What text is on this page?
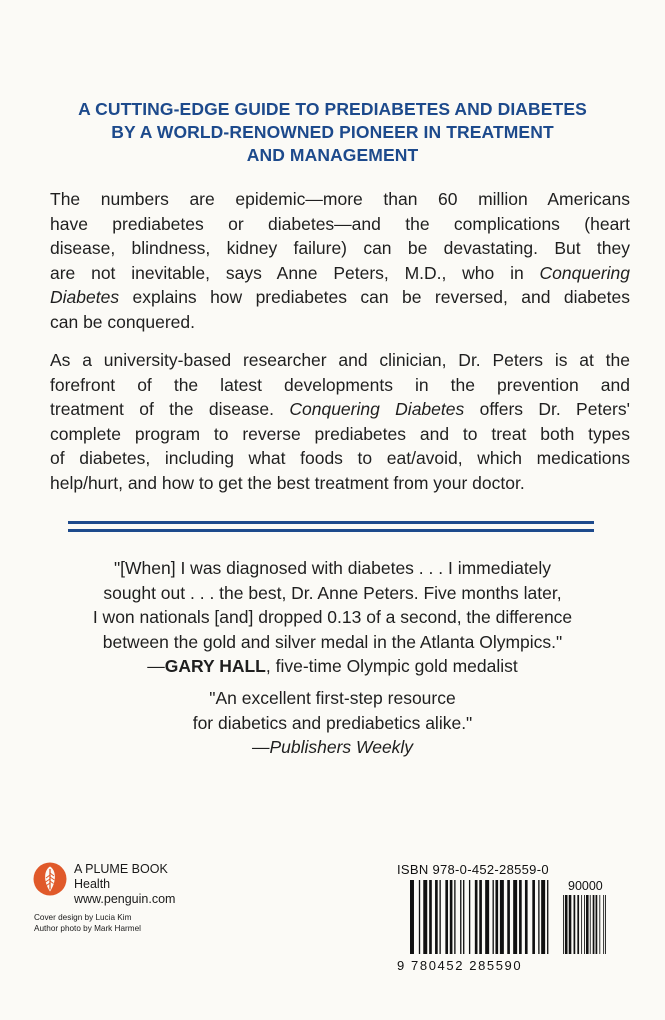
A CUTTING-EDGE GUIDE TO PREDIABETES AND DIABETES
BY A WORLD-RENOWNED PIONEER IN TREATMENT
AND MANAGEMENT
The numbers are epidemic—more than 60 million Americans
have prediabetes or diabetes—and the complications (heart
disease, blindness, kidney failure) can be devastating. But they
are not inevitable, says Anne Peters, M.D., who in Conquering
Diabetes explains how prediabetes can be reversed, and diabetes
can be conquered.
As a university-based researcher and clinician, Dr. Peters is at the
forefront of the latest developments in the prevention and
treatment of the disease. Conquering Diabetes offers Dr. Peters'
complete program to reverse prediabetes and to treat both types
of diabetes, including what foods to eat/avoid, which medications
help/hurt, and how to get the best treatment from your doctor.
"[When] I was diagnosed with diabetes . . . I immediately
sought out . . . the best, Dr. Anne Peters. Five months later,
I won nationals [and] dropped 0.13 of a second, the difference
between the gold and silver medal in the Atlanta Olympics."
—GARY HALL, five-time Olympic gold medalist
"An excellent first-step resource
for diabetics and prediabetics alike."
—Publishers Weekly
A PLUME BOOK
Health
www.penguin.com
Cover design by Lucia Kim
Author photo by Mark Harmel
ISBN 978-0-452-28559-0
90000
9 780452 285590
